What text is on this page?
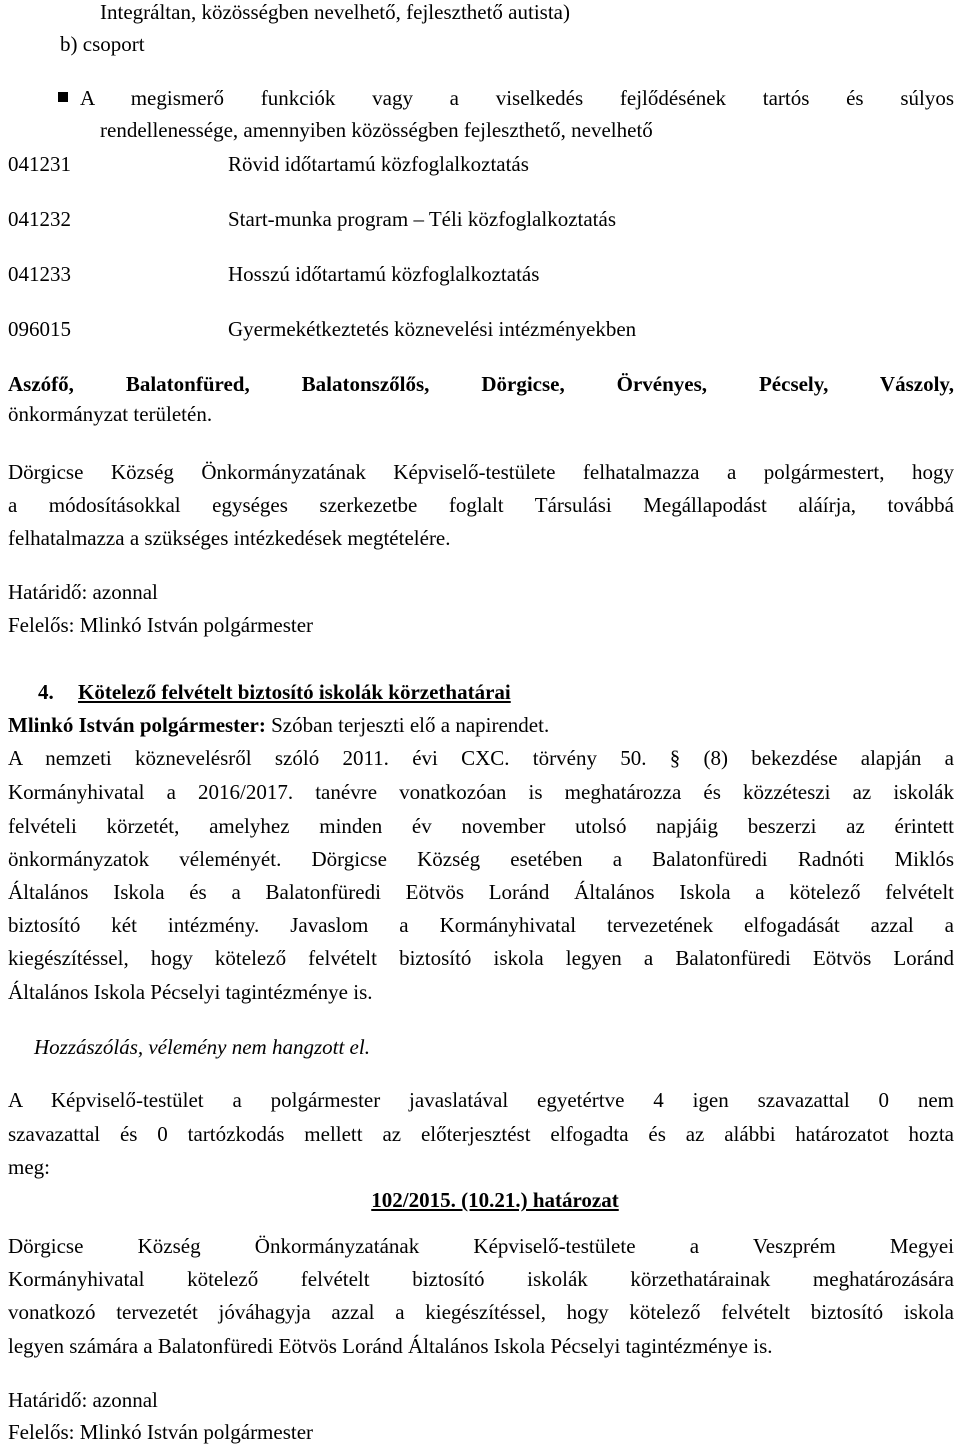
Integráltan, közösségben nevelhető, fejleszthető autista)
b) csoport
A megismerő funkciók vagy a viselkedés fejlődésének tartós és súlyos
rendellenessége, amennyiben közösségben fejleszthető, nevelhető
041231	Rövid időtartamú közfoglalkoztatás
041232	Start-munka program – Téli közfoglalkoztatás
041233	Hosszú időtartamú közfoglalkoztatás
096015	Gyermekétkeztetés köznevelési intézményekben
Aszófő, Balatonfüred, Balatonszőlős, Dörgicse, Örvényes, Pécsely, Vászoly,
önkormányzat területén.
Dörgicse Község Önkormányzatának Képviselő-testülete felhatalmazza a polgármestert, hogy
a módosításokkal egységes szerkezetbe foglalt Társulási Megállapodást aláírja, továbbá
felhatalmazza a szükséges intézkedések megtételére.
Határidő: azonnal
Felelős: Mlinkó István polgármester
4. Kötelező felvételt biztosító iskolák körzethatárai
Mlinkó István polgármester: Szóban terjeszti elő a napirendet.
A nemzeti köznevelésről szóló 2011. évi CXC. törvény 50. § (8) bekezdése alapján a
Kormányhivatal a 2016/2017. tanévre vonatkozóan is meghatározza és közzéteszi az iskolák
felvételi körzetét, amelyhez minden év november utolsó napjáig beszerzi az érintett
önkormányzatok véleményét. Dörgicse Község esetében a Balatonfüredi Radnóti Miklós
Általános Iskola és a Balatonfüredi Eötvös Loránd Általános Iskola a kötelező felvételt
biztosító két intézmény. Javaslom a Kormányhivatal tervezetének elfogadását azzal a
kiegészítéssel, hogy kötelező felvételt biztosító iskola legyen a Balatonfüredi Eötvös Loránd
Általános Iskola Pécselyi tagintézménye is.
Hozzászólás, vélemény nem hangzott el.
A Képviselő-testület a polgármester javaslatával egyetértve 4 igen szavazattal 0 nem
szavazattal és 0 tartózkodás mellett az előterjesztést elfogadta és az alábbi határozatot hozta
meg:
102/2015. (10.21.) határozat
Dörgicse Község Önkormányzatának Képviselő-testülete a Veszprém Megyei
Kormányhivatal kötelező felvételt biztosító iskolák körzethatárainak meghatározására
vonatkozó tervezetét jóváhagyja azzal a kiegészítéssel, hogy kötelező felvételt biztosító iskola
legyen számára a Balatonfüredi Eötvös Loránd Általános Iskola Pécselyi tagintézménye is.
Határidő: azonnal
Felelős: Mlinkó István polgármester
